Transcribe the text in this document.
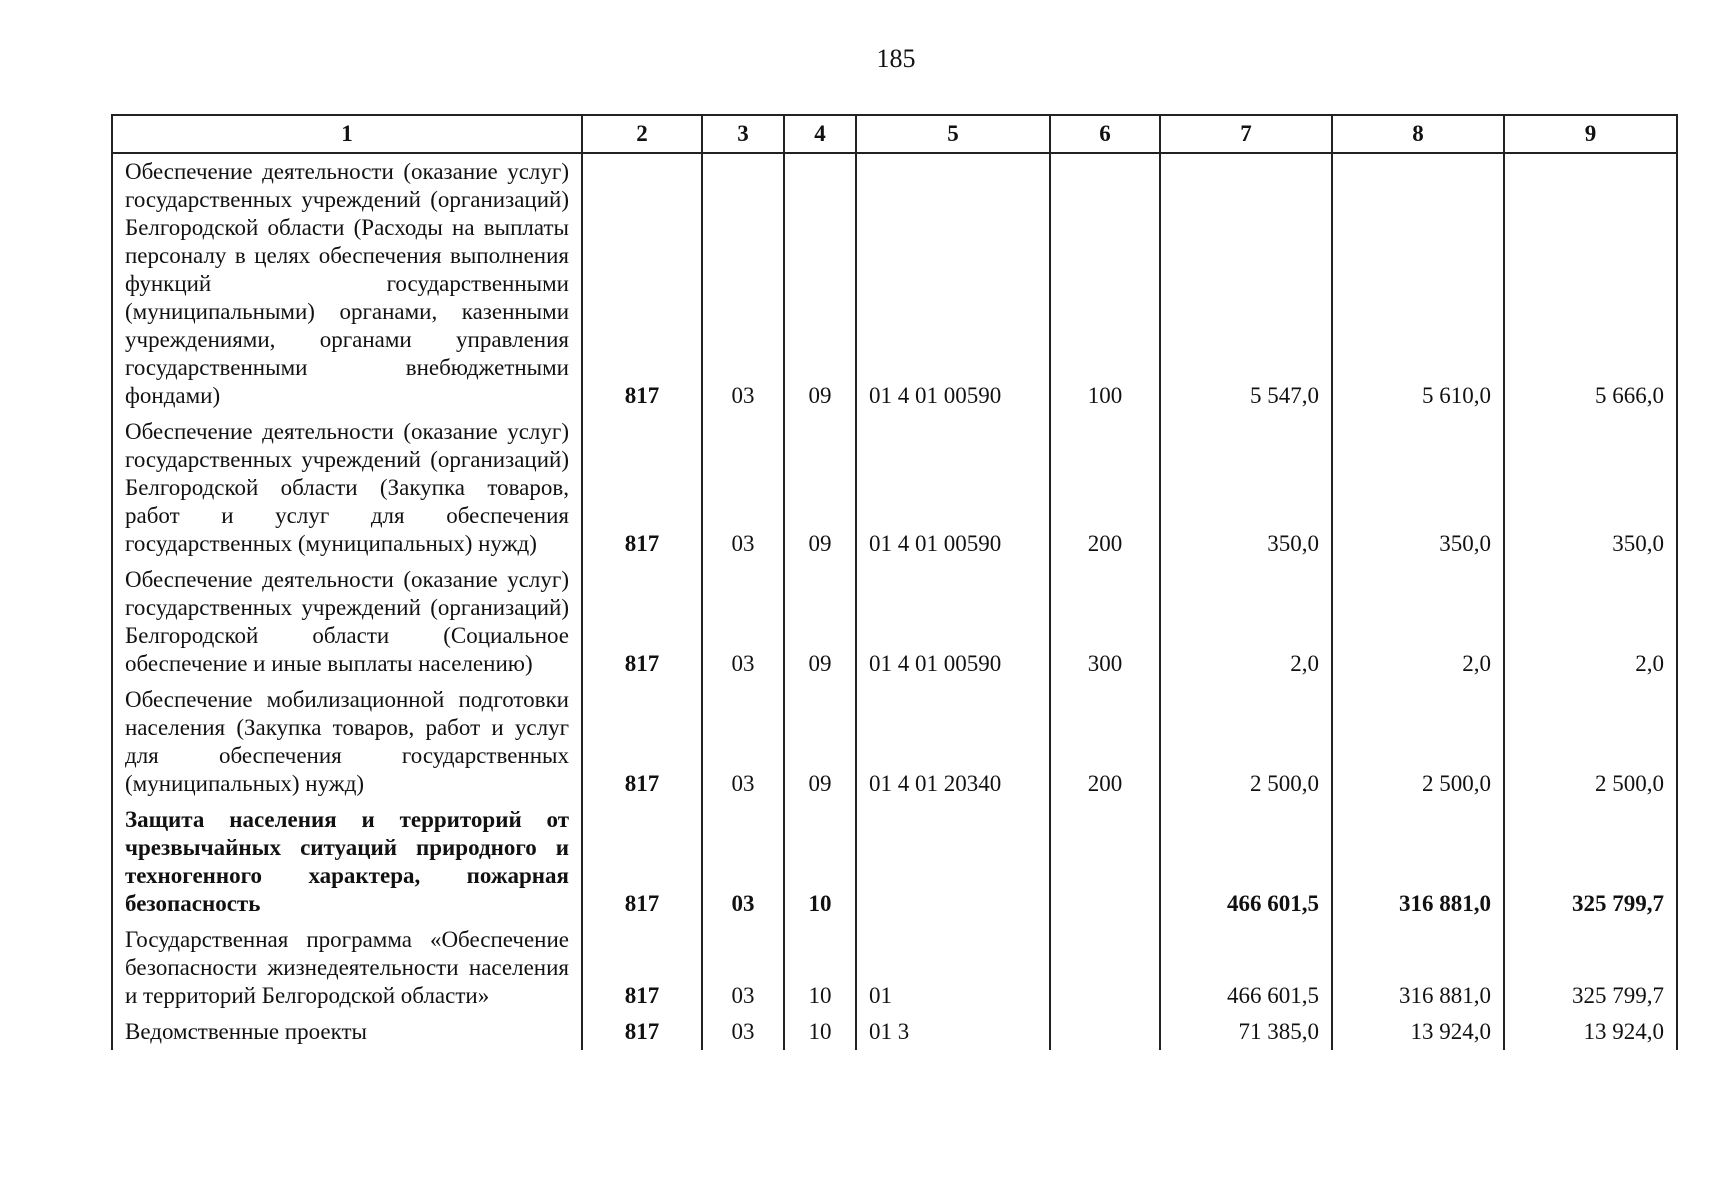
185
1	2	3	4	5	6	7	8	9
Обеспечение деятельности (оказание услуг) государственных учреждений (организаций) Белгородской области (Расходы на выплаты персоналу в целях обеспечения выполнения функций государственными (муниципальными) органами, казенными учреждениями, органами управления государственными внебюджетными фондами)	817	03	09	01 4 01 00590	100	5 547,0	5 610,0	5 666,0
Обеспечение деятельности (оказание услуг) государственных учреждений (организаций) Белгородской области (Закупка товаров, работ и услуг для обеспечения государственных (муниципальных) нужд)	817	03	09	01 4 01 00590	200	350,0	350,0	350,0
Обеспечение деятельности (оказание услуг) государственных учреждений (организаций) Белгородской области (Социальное обеспечение и иные выплаты населению)	817	03	09	01 4 01 00590	300	2,0	2,0	2,0
Обеспечение мобилизационной подготовки населения (Закупка товаров, работ и услуг для обеспечения государственных (муниципальных) нужд)	817	03	09	01 4 01 20340	200	2 500,0	2 500,0	2 500,0
Защита населения и территорий от чрезвычайных ситуаций природного и техногенного характера, пожарная безопасность	817	03	10			466 601,5	316 881,0	325 799,7
Государственная программа «Обеспечение безопасности жизнедеятельности населения и территорий Белгородской области»	817	03	10	01		466 601,5	316 881,0	325 799,7
Ведомственные проекты	817	03	10	01 3		71 385,0	13 924,0	13 924,0
